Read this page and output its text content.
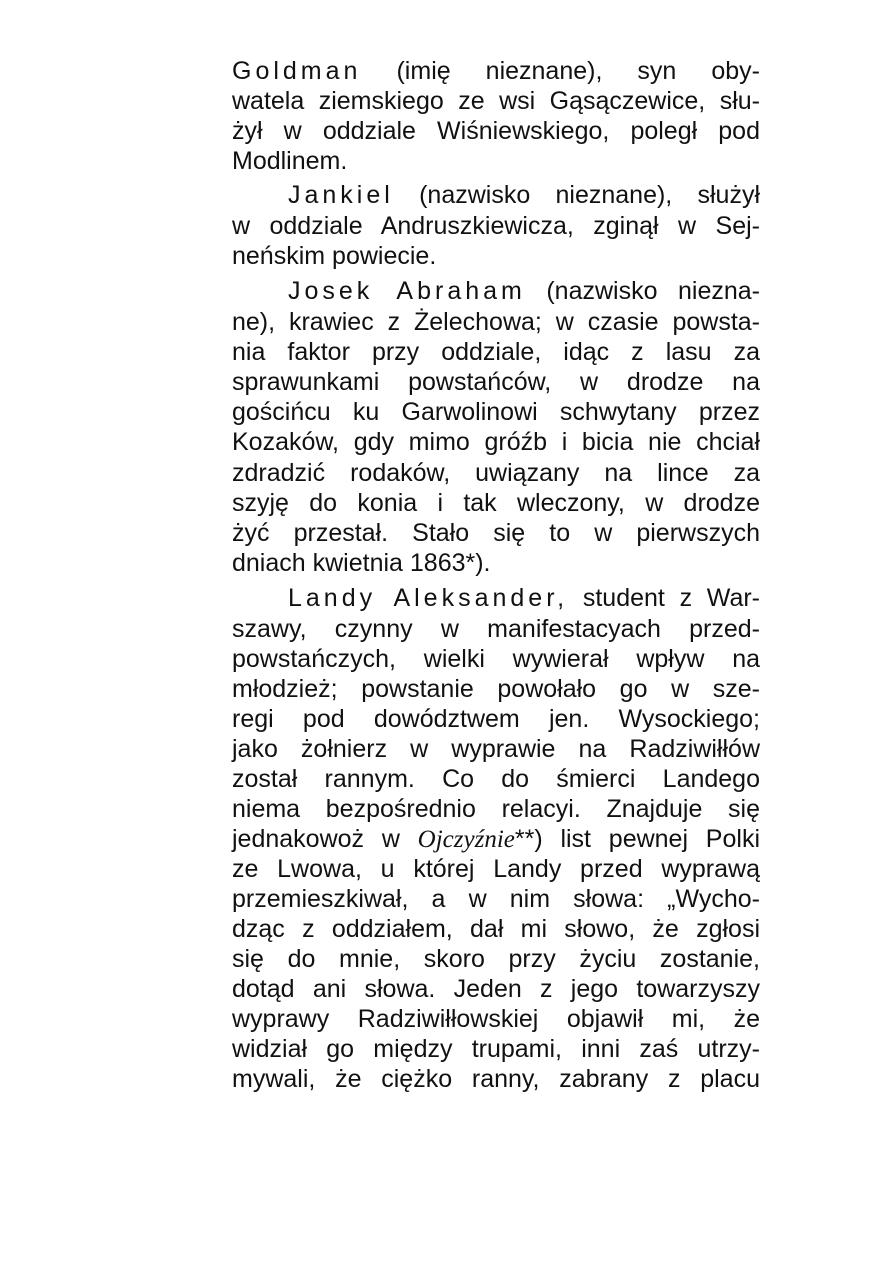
Goldman (imię nieznane), syn oby-
watela ziemskiego ze wsi Gąsączewice, słu-
żył w oddziale Wiśniewskiego, poległ pod
Modlinem.
Jankiel (nazwisko nieznane), służył
w oddziale Andruszkiewicza, zginął w Sej-
neńskim powiecie.
Josek Abraham (nazwisko niezna-
ne), krawiec z Żelechowa; w czasie powsta-
nia faktor przy oddziale, idąc z lasu za
sprawunkami powstańców, w drodze na
gościńcu ku Garwolinowi schwytany przez
Kozaków, gdy mimo gróźb i bicia nie chciał
zdradzić rodaków, uwiązany na lince za
szyję do konia i tak wleczony, w drodze
żyć przestał. Stało się to w pierwszych
dniach kwietnia 1863*).
Landy Aleksander, student z War-
szawy, czynny w manifestacyach przed-
powstańczych, wielki wywierał wpływ na
młodzież; powstanie powołało go w sze-
regi pod dowództwem jen. Wysockiego;
jako żołnierz w wyprawie na Radziwiłłów
został rannym. Co do śmierci Landego
niema bezpośrednio relacyi. Znajduje się
jednakowoż w Ojczyźnie**) list pewnej Polki
ze Lwowa, u której Landy przed wyprawą
przemieszkiwał, a w nim słowa: „Wycho-
dząc z oddziałem, dał mi słowo, że zgłosi
się do mnie, skoro przy życiu zostanie,
dotąd ani słowa. Jeden z jego towarzyszy
wyprawy Radziwiłłowskiej objawił mi, że
widział go między trupami, inni zaś utrzy-
mywali, że ciężko ranny, zabrany z placu
